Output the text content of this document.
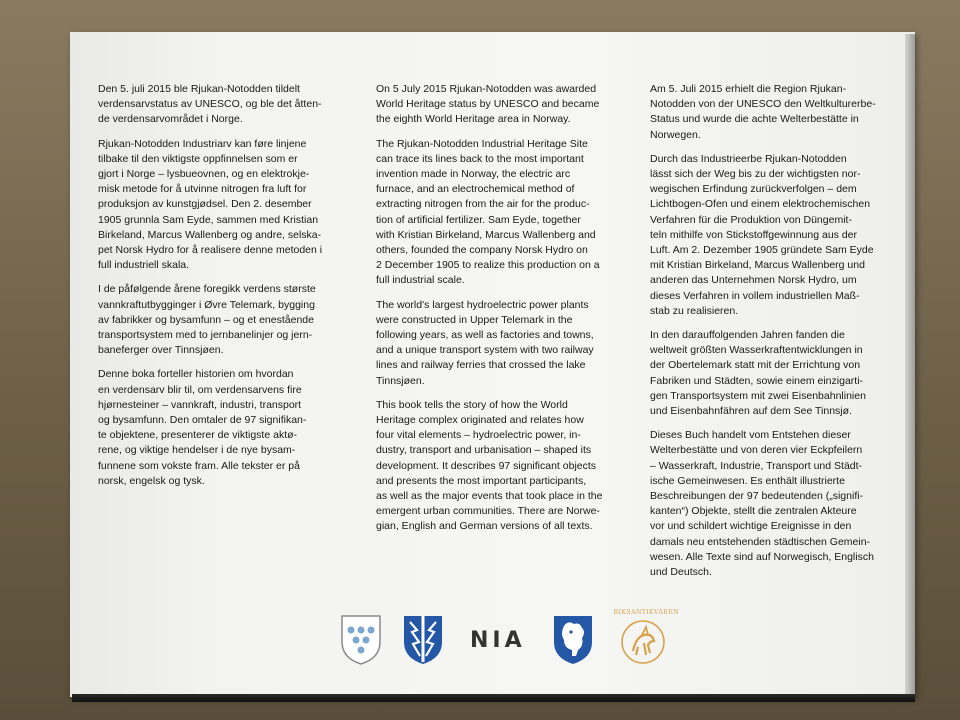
Den 5. juli 2015 ble Rjukan-Notodden tildelt
verdensarvstatus av UNESCO, og ble det åtten-
de verdensarvområdet i Norge.

Rjukan-Notodden Industriarv kan føre linjene
tilbake til den viktigste oppfinnelsen som er
gjort i Norge – lysbueovnen, og en elektrokje-
misk metode for å utvinne nitrogen fra luft for
produksjon av kunstgjødsel. Den 2. desember
1905 grunnla Sam Eyde, sammen med Kristian
Birkeland, Marcus Wallenberg og andre, selska-
pet Norsk Hydro for å realisere denne metoden i
full industriell skala.

I de påfølgende årene foregikk verdens største
vannkraftutbygginger i Øvre Telemark, bygging
av fabrikker og bysamfunn – og et enestående
transportsystem med to jernbanelinjer og jern-
baneferger over Tinnsjøen.

Denne boka forteller historien om hvordan
en verdensarv blir til, om verdensarvens fire
hjørnesteiner – vannkraft, industri, transport
og bysamfunn. Den omtaler de 97 signifikan-
te objektene, presenterer de viktigste aktø-
rene, og viktige hendelser i de nye bysam-
funnene som vokste fram. Alle tekster er på
norsk, engelsk og tysk.

On 5 July 2015 Rjukan-Notodden was awarded
World Heritage status by UNESCO and became
the eighth World Heritage area in Norway.

The Rjukan-Notodden Industrial Heritage Site
can trace its lines back to the most important
invention made in Norway, the electric arc
furnace, and an electrochemical method of
extracting nitrogen from the air for the produc-
tion of artificial fertilizer. Sam Eyde, together
with Kristian Birkeland, Marcus Wallenberg and
others, founded the company Norsk Hydro on
2 December 1905 to realize this production on a
full industrial scale.

The world's largest hydroelectric power plants
were constructed in Upper Telemark in the
following years, as well as factories and towns,
and a unique transport system with two railway
lines and railway ferries that crossed the lake
Tinnsjøen.

This book tells the story of how the World
Heritage complex originated and relates how
four vital elements – hydroelectric power, in-
dustry, transport and urbanisation – shaped its
development. It describes 97 significant objects
and presents the most important participants,
as well as the major events that took place in the
emergent urban communities. There are Norwe-
gian, English and German versions of all texts.

Am 5. Juli 2015 erhielt die Region Rjukan-
Notodden von der UNESCO den Weltkulturerbe-
Status und wurde die achte Welterbestätte in
Norwegen.

Durch das Industrieerbe Rjukan-Notodden
lässt sich der Weg bis zu der wichtigsten nor-
wegischen Erfindung zurückverfolgen – dem
Lichtbogen-Ofen und einem elektrochemischen
Verfahren für die Produktion von Düngemit-
teln mithilfe von Stickstoffgewinnung aus der
Luft. Am 2. Dezember 1905 gründete Sam Eyde
mit Kristian Birkeland, Marcus Wallenberg und
anderen das Unternehmen Norsk Hydro, um
dieses Verfahren in vollem industriellen Maß-
stab zu realisieren.

In den darauffolgenden Jahren fanden die
weltweit größten Wasserkraftentwicklungen in
der Obertelemark statt mit der Errichtung von
Fabriken und Städten, sowie einem einzigarti-
gen Transportsystem mit zwei Eisenbahnlinien
und Eisenbahnfähren auf dem See Tinnsjø.

Dieses Buch handelt vom Entstehen dieser
Welterbestätte und von deren vier Eckpfeilern
– Wasserkraft, Industrie, Transport und Städt-
ische Gemeinwesen. Es enthält illustrierte
Beschreibungen der 97 bedeutenden („signifi-
kanten“) Objekte, stellt die zentralen Akteure
vor und schildert wichtige Ereignisse in den
damals neu entstehenden städtischen Gemein-
wesen. Alle Texte sind auf Norwegisch, Englisch
und Deutsch.

NIA
RIKSANTIKVAREN
